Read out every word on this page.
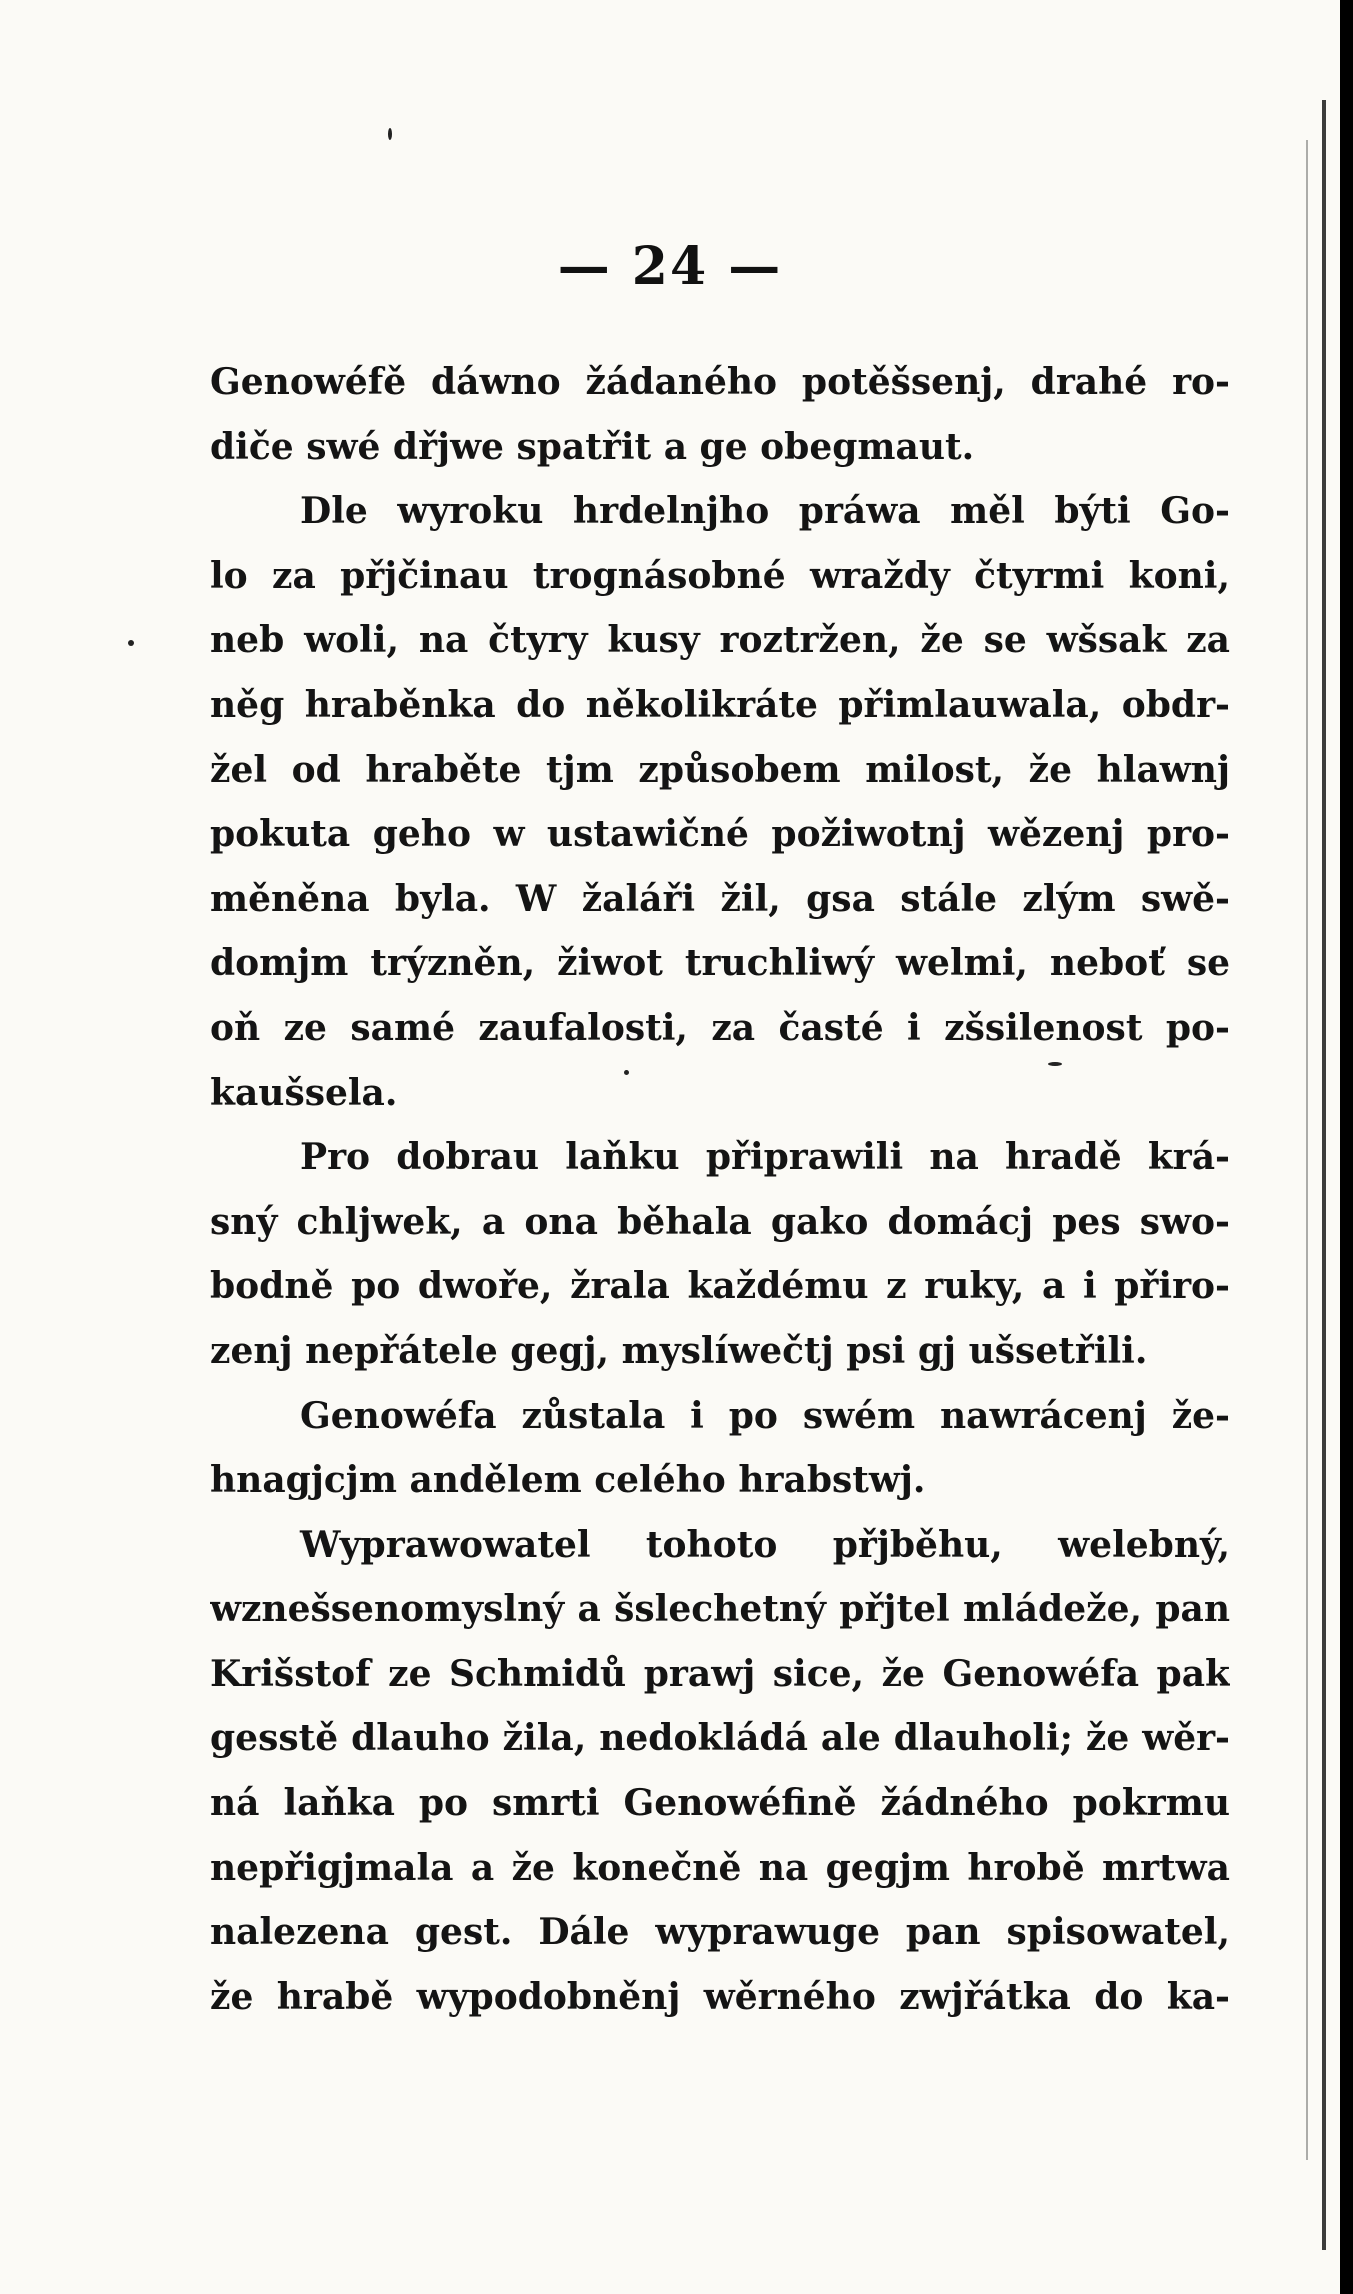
— 24 —
Genowéfě dáwno žádaného potěšsenj, drahé ro-
diče swé dřjwe spatřit a ge obegmaut.
Dle wyroku hrdelnjho práwa měl býti Go-
lo za přjčinau trognásobné wraždy čtyrmi koni,
neb woli, na čtyry kusy roztržen, že se wšsak za
něg hraběnka do několikráte přimlauwala, obdr-
žel od hraběte tjm způsobem milost, že hlawnj
pokuta geho w ustawičné požiwotnj wězenj pro-
měněna byla. W žaláři žil, gsa stále zlým swě-
domjm trýzněn, žiwot truchliwý welmi, neboť se
oň ze samé zaufalosti, za časté i zšsilenost po-
kaušsela.
Pro dobrau laňku připrawili na hradě krá-
sný chljwek, a ona běhala gako domácj pes swo-
bodně po dwoře, žrala každému z ruky, a i přiro-
zenj nepřátele gegj, myslíwečtj psi gj ušsetřili.
Genowéfa zůstala i po swém nawrácenj že-
hnagjcjm andělem celého hrabstwj.
Wyprawowatel tohoto přjběhu, welebný,
wznešsenomyslný a šslechetný přjtel mládeže, pan
Krišstof ze Schmidů prawj sice, že Genowéfa pak
gesstě dlauho žila, nedokládá ale dlauholi; že wěr-
ná laňka po smrti Genowéfině žádného pokrmu
nepřigjmala a že konečně na gegjm hrobě mrtwa
nalezena gest. Dále wyprawuge pan spisowatel,
že hrabě wypodobněnj wěrného zwjřátka do ka-
